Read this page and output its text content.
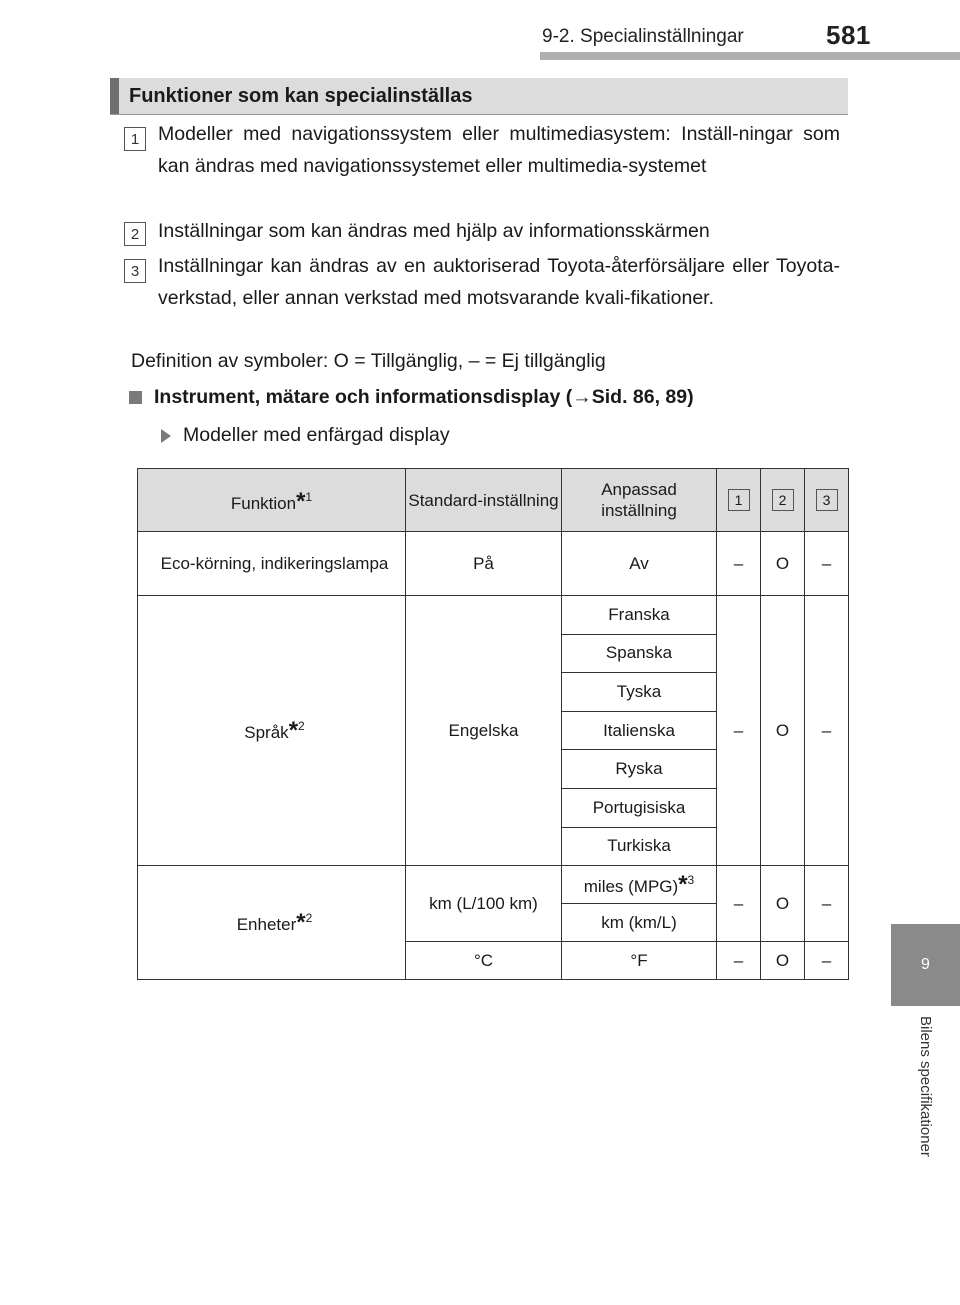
9-2. Specialinställningar	581
9
Bilens specifikationer
Funktioner som kan specialinställas
1 Modeller med navigationssystem eller multimediasystem: Inställ-ningar som kan ändras med navigationssystemet eller multimedia-systemet
2 Inställningar som kan ändras med hjälp av informationsskärmen
3 Inställningar kan ändras av en auktoriserad Toyota-återförsäljare eller Toyota-verkstad, eller annan verkstad med motsvarande kvali-fikationer.
Definition av symboler: O = Tillgänglig, – = Ej tillgänglig
Instrument, mätare och informationsdisplay (→Sid. 86, 89)
Modeller med enfärgad display
Funktion*$^1$	Standard-inställning	Anpassad inställning	1	2	3
Eco-körning, indikeringslampa	På	Av	–	O	–
Språk*$^2$	Engelska	Franska	–	O	–
		Spanska			
		Tyska			
		Italienska			
		Ryska			
		Portugisiska			
		Turkiska			
Enheter*$^2$	km (L/100 km)	miles (MPG)*$^3$	–	O	–
		km (km/L)			
	°C	°F	–	O	–
